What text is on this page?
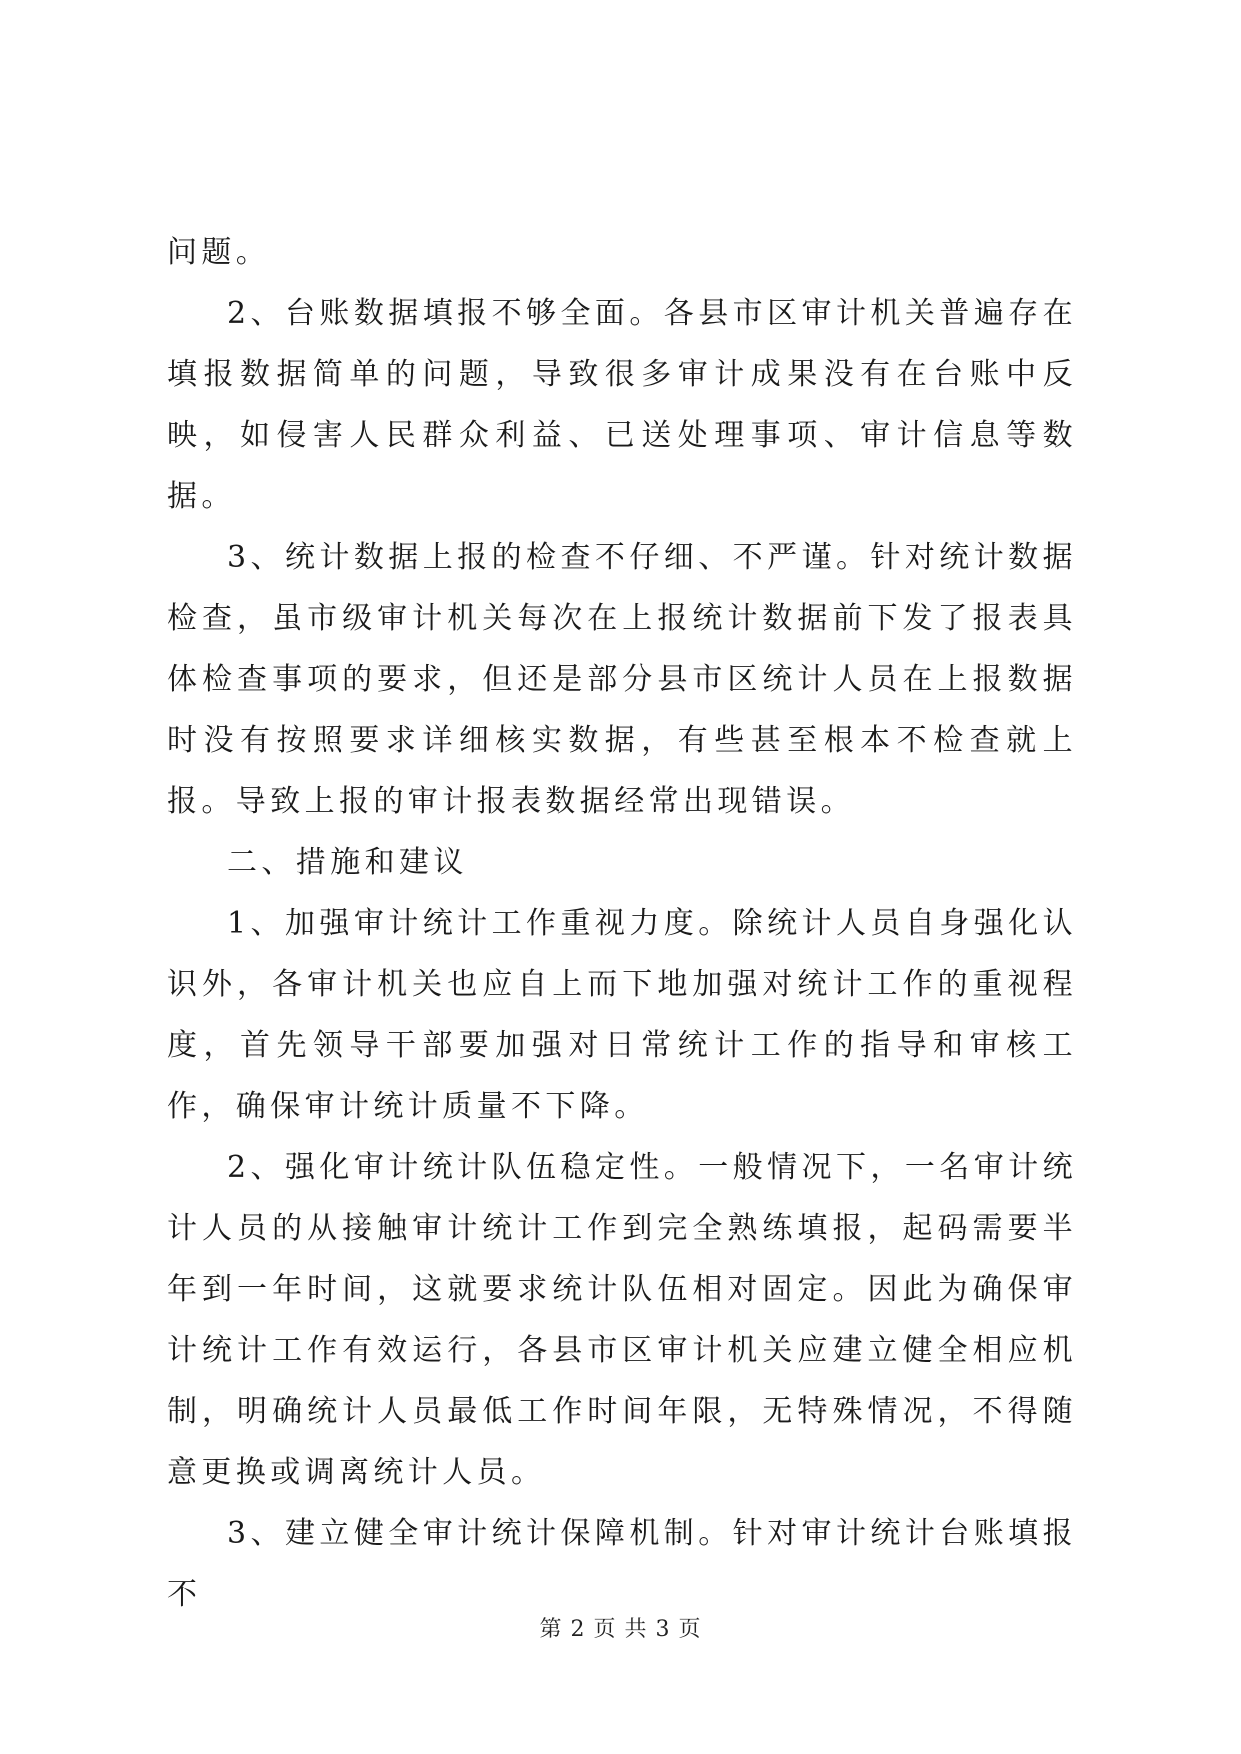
问题。

2、台账数据填报不够全面。各县市区审计机关普遍存在填报数据简单的问题，导致很多审计成果没有在台账中反映，如侵害人民群众利益、已送处理事项、审计信息等数据。

3、统计数据上报的检查不仔细、不严谨。针对统计数据检查，虽市级审计机关每次在上报统计数据前下发了报表具体检查事项的要求，但还是部分县市区统计人员在上报数据时没有按照要求详细核实数据，有些甚至根本不检查就上报。导致上报的审计报表数据经常出现错误。

二、措施和建议

1、加强审计统计工作重视力度。除统计人员自身强化认识外，各审计机关也应自上而下地加强对统计工作的重视程度，首先领导干部要加强对日常统计工作的指导和审核工作，确保审计统计质量不下降。

2、强化审计统计队伍稳定性。一般情况下，一名审计统计人员的从接触审计统计工作到完全熟练填报，起码需要半年到一年时间，这就要求统计队伍相对固定。因此为确保审计统计工作有效运行，各县市区审计机关应建立健全相应机制，明确统计人员最低工作时间年限，无特殊情况，不得随意更换或调离统计人员。

3、建立健全审计统计保障机制。针对审计统计台账填报不

第 2 页 共 3 页
